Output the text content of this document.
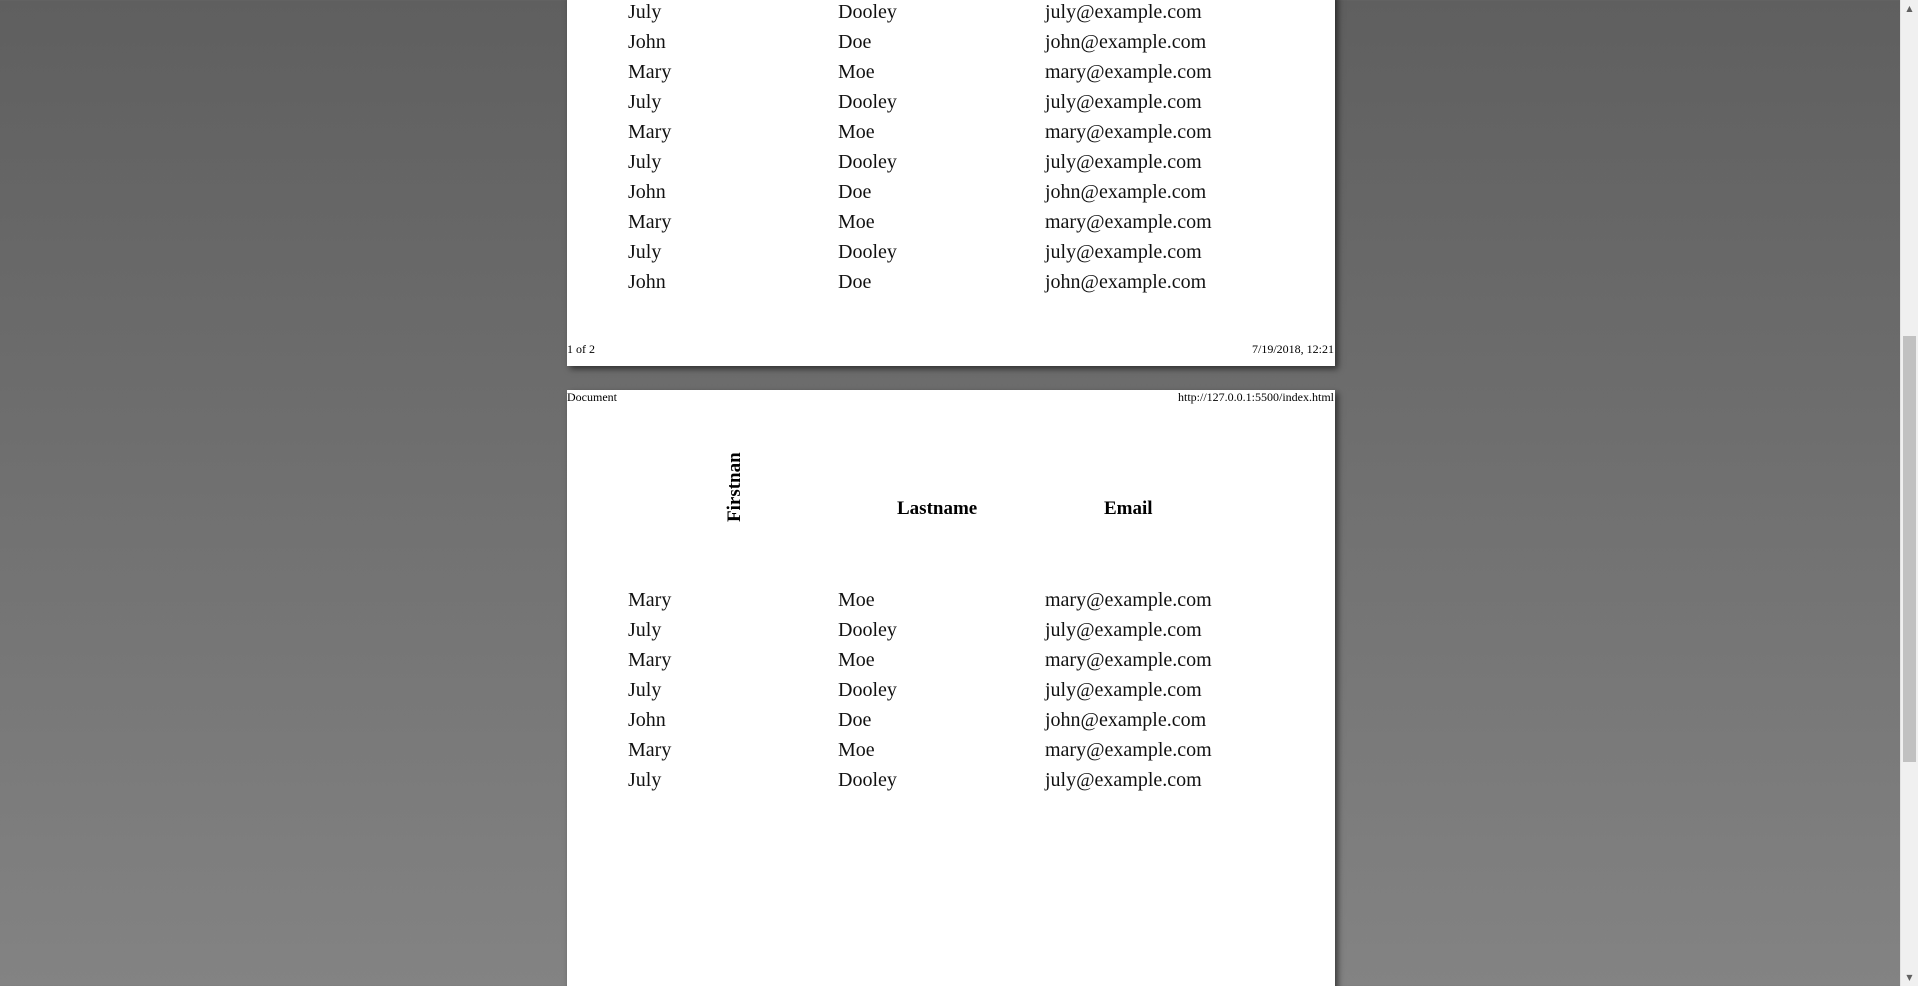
July	Dooley	july@example.com
John	Doe	john@example.com
Mary	Moe	mary@example.com
July	Dooley	july@example.com
Mary	Moe	mary@example.com
July	Dooley	july@example.com
John	Doe	john@example.com
Mary	Moe	mary@example.com
July	Dooley	july@example.com
John	Doe	john@example.com
1 of 2	7/19/2018, 12:21
Document	http://127.0.0.1:5500/index.html
Firstnan	Lastname	Email
Mary	Moe	mary@example.com
July	Dooley	july@example.com
Mary	Moe	mary@example.com
July	Dooley	july@example.com
John	Doe	john@example.com
Mary	Moe	mary@example.com
July	Dooley	july@example.com
▲
▼
